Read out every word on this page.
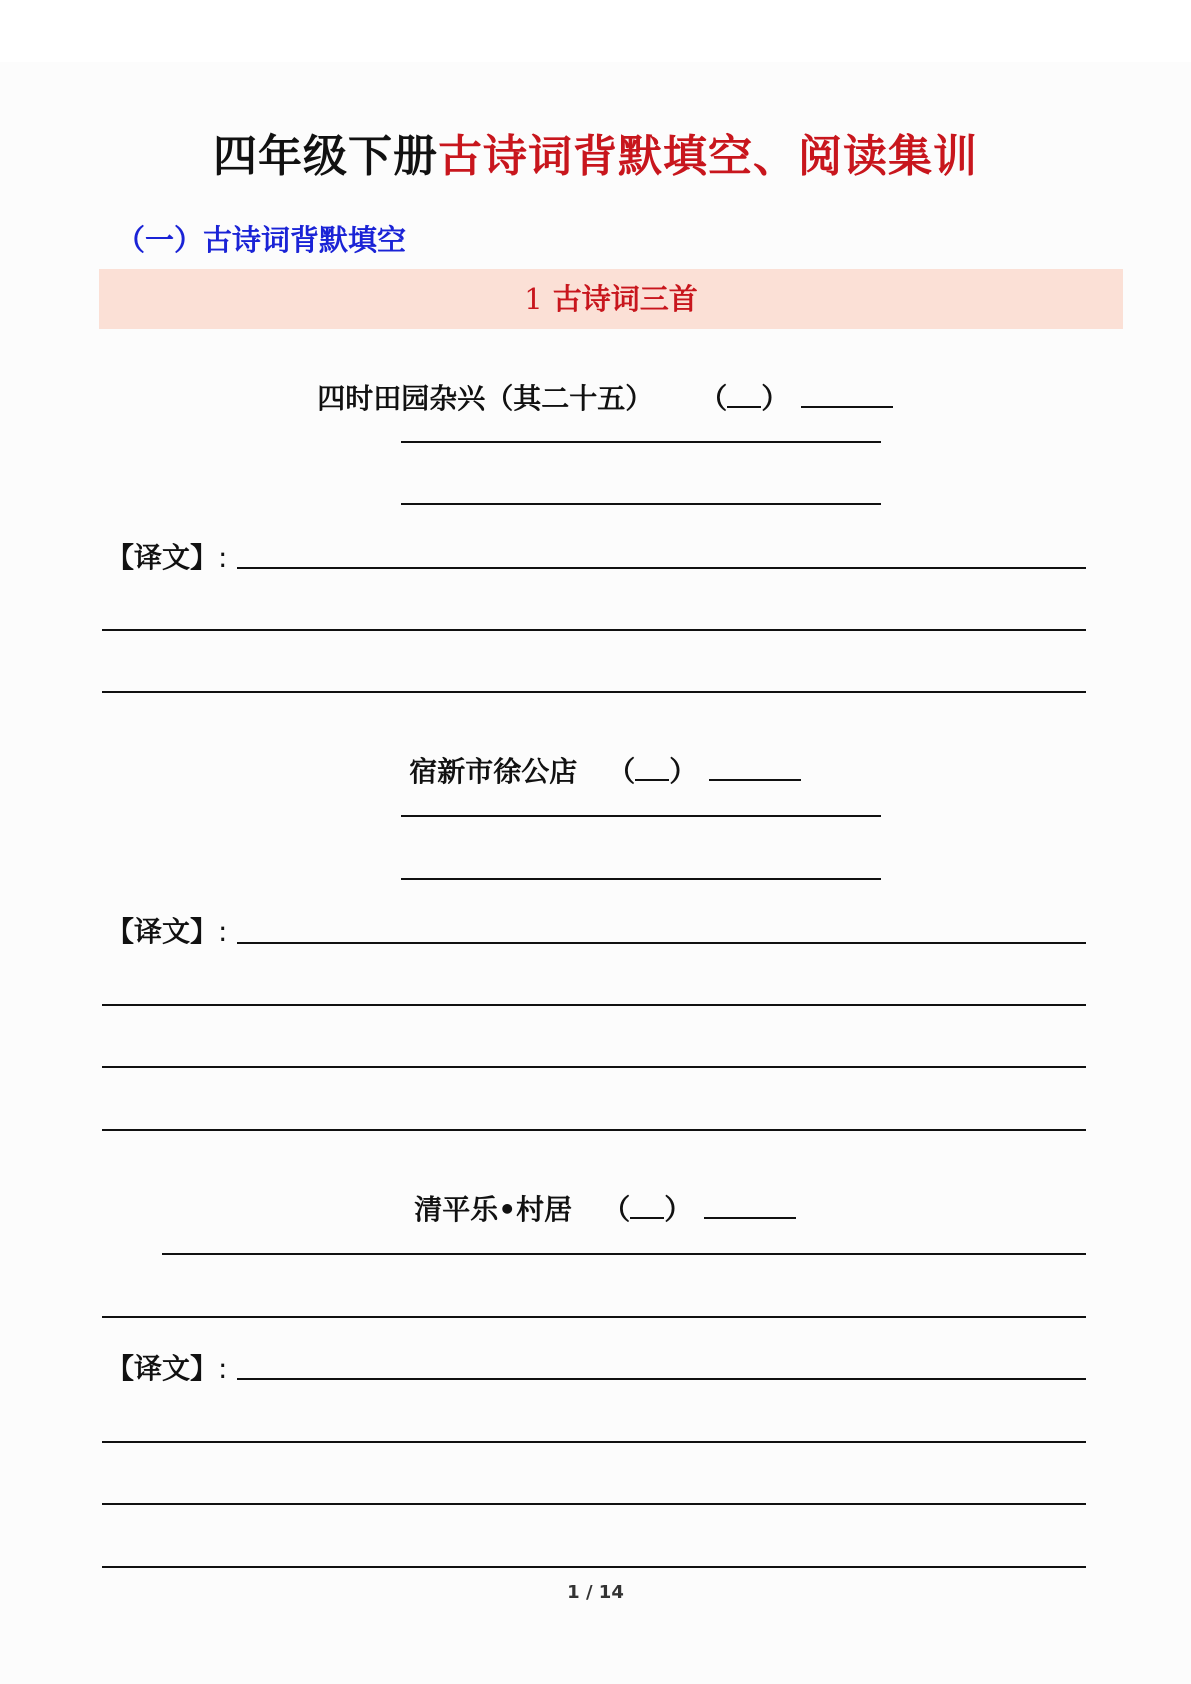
四年级下册古诗词背默填空、阅读集训
（一）古诗词背默填空
1 古诗词三首

四时田园杂兴（其二十五） （ ）

【译文】:

宿新市徐公店 （ ）

【译文】:

清平乐•村居 （ ）

【译文】:
1 / 14
